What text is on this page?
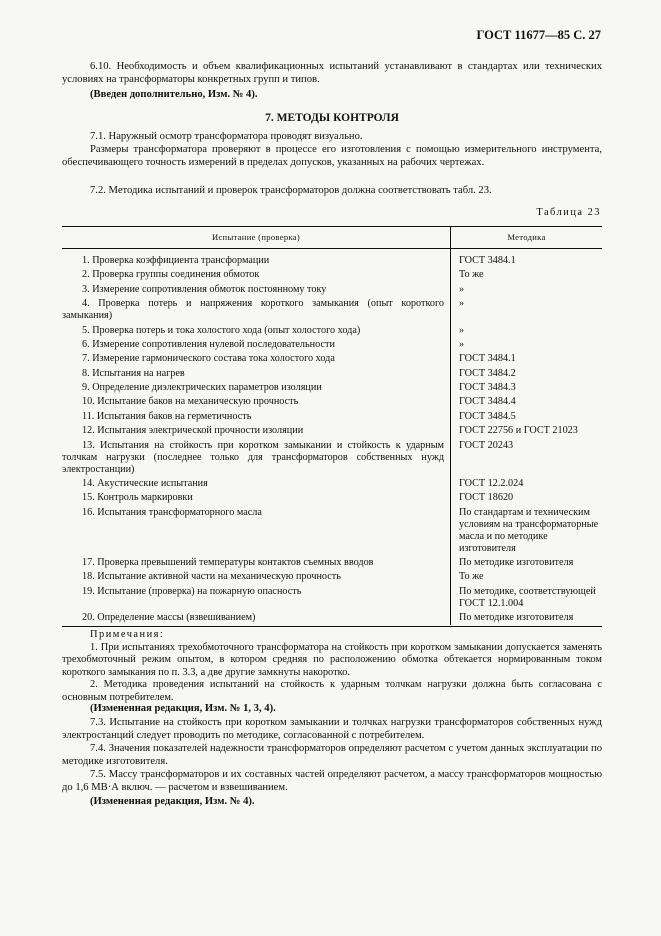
ГОСТ 11677—85 С. 27
6.10. Необходимость и объем квалификационных испытаний устанавливают в стандартах или технических условиях на трансформаторы конкретных групп и типов.
(Введен дополнительно, Изм. № 4).
7. МЕТОДЫ КОНТРОЛЯ
7.1. Наружный осмотр трансформатора проводят визуально.
Размеры трансформатора проверяют в процессе его изготовления с помощью измерительного инструмента, обеспечивающего точность измерений в пределах допусков, указанных на рабочих чертежах.
7.2. Методика испытаний и проверок трансформаторов должна соответствовать табл. 23.
Таблица 23
Испытание (проверка)	Методика

1. Проверка коэффициента трансформации	ГОСТ 3484.1

2. Проверка группы соединения обмоток	То же

3. Измерение сопротивления обмоток постоянному току	»

4. Проверка потерь и напряжения короткого замыкания (опыт короткого замыкания)	»

5. Проверка потерь и тока холостого хода (опыт холостого хода)	»

6. Измерение сопротивления нулевой последовательности	»

7. Измерение гармонического состава тока холостого хода	ГОСТ 3484.1

8. Испытания на нагрев	ГОСТ 3484.2

9. Определение диэлектрических параметров изоляции	ГОСТ 3484.3

10. Испытание баков на механическую прочность	ГОСТ 3484.4

11. Испытания баков на герметичность	ГОСТ 3484.5

12. Испытания электрической прочности изоляции	ГОСТ 22756 и ГОСТ 21023

13. Испытания на стойкость при коротком замыкании и стойкость к ударным толчкам нагрузки (последнее только для трансформаторов собственных нужд электростанции)	ГОСТ 20243

14. Акустические испытания	ГОСТ 12.2.024

15. Контроль маркировки	ГОСТ 18620

16. Испытания трансформаторного масла	По стандартам и техническим условиям на трансформаторные масла и по методике изготовителя

17. Проверка превышений температуры контактов съемных вводов	По методике изготовителя

18. Испытание активной части на механическую прочность	То же

19. Испытание (проверка) на пожарную опасность	По методике, соответствующей ГОСТ 12.1.004

20. Определение массы (взвешиванием)	По методике изготовителя

Примечания:

1. При испытаниях трехобмоточного трансформатора на стойкость при коротком замыкании допускается заменять трехобмоточный режим опытом, в котором средняя по расположению обмотка обтекается нормированным током короткого замыкания по п. 3.3, а две другие замкнуты накоротко.

2. Методика проведения испытаний на стойкость к ударным толчкам нагрузки должна быть согласована с основным потребителем.

(Измененная редакция, Изм. № 1, 3, 4).
7.3. Испытание на стойкость при коротком замыкании и толчках нагрузки трансформаторов собственных нужд электростанций следует проводить по методике, согласованной с потребителем.
7.4. Значения показателей надежности трансформаторов определяют расчетом с учетом данных эксплуатации по методике изготовителя.
7.5. Массу трансформаторов и их составных частей определяют расчетом, а массу трансформаторов мощностью до 1,6 МВ·А включ. — расчетом и взвешиванием.
(Измененная редакция, Изм. № 4).
